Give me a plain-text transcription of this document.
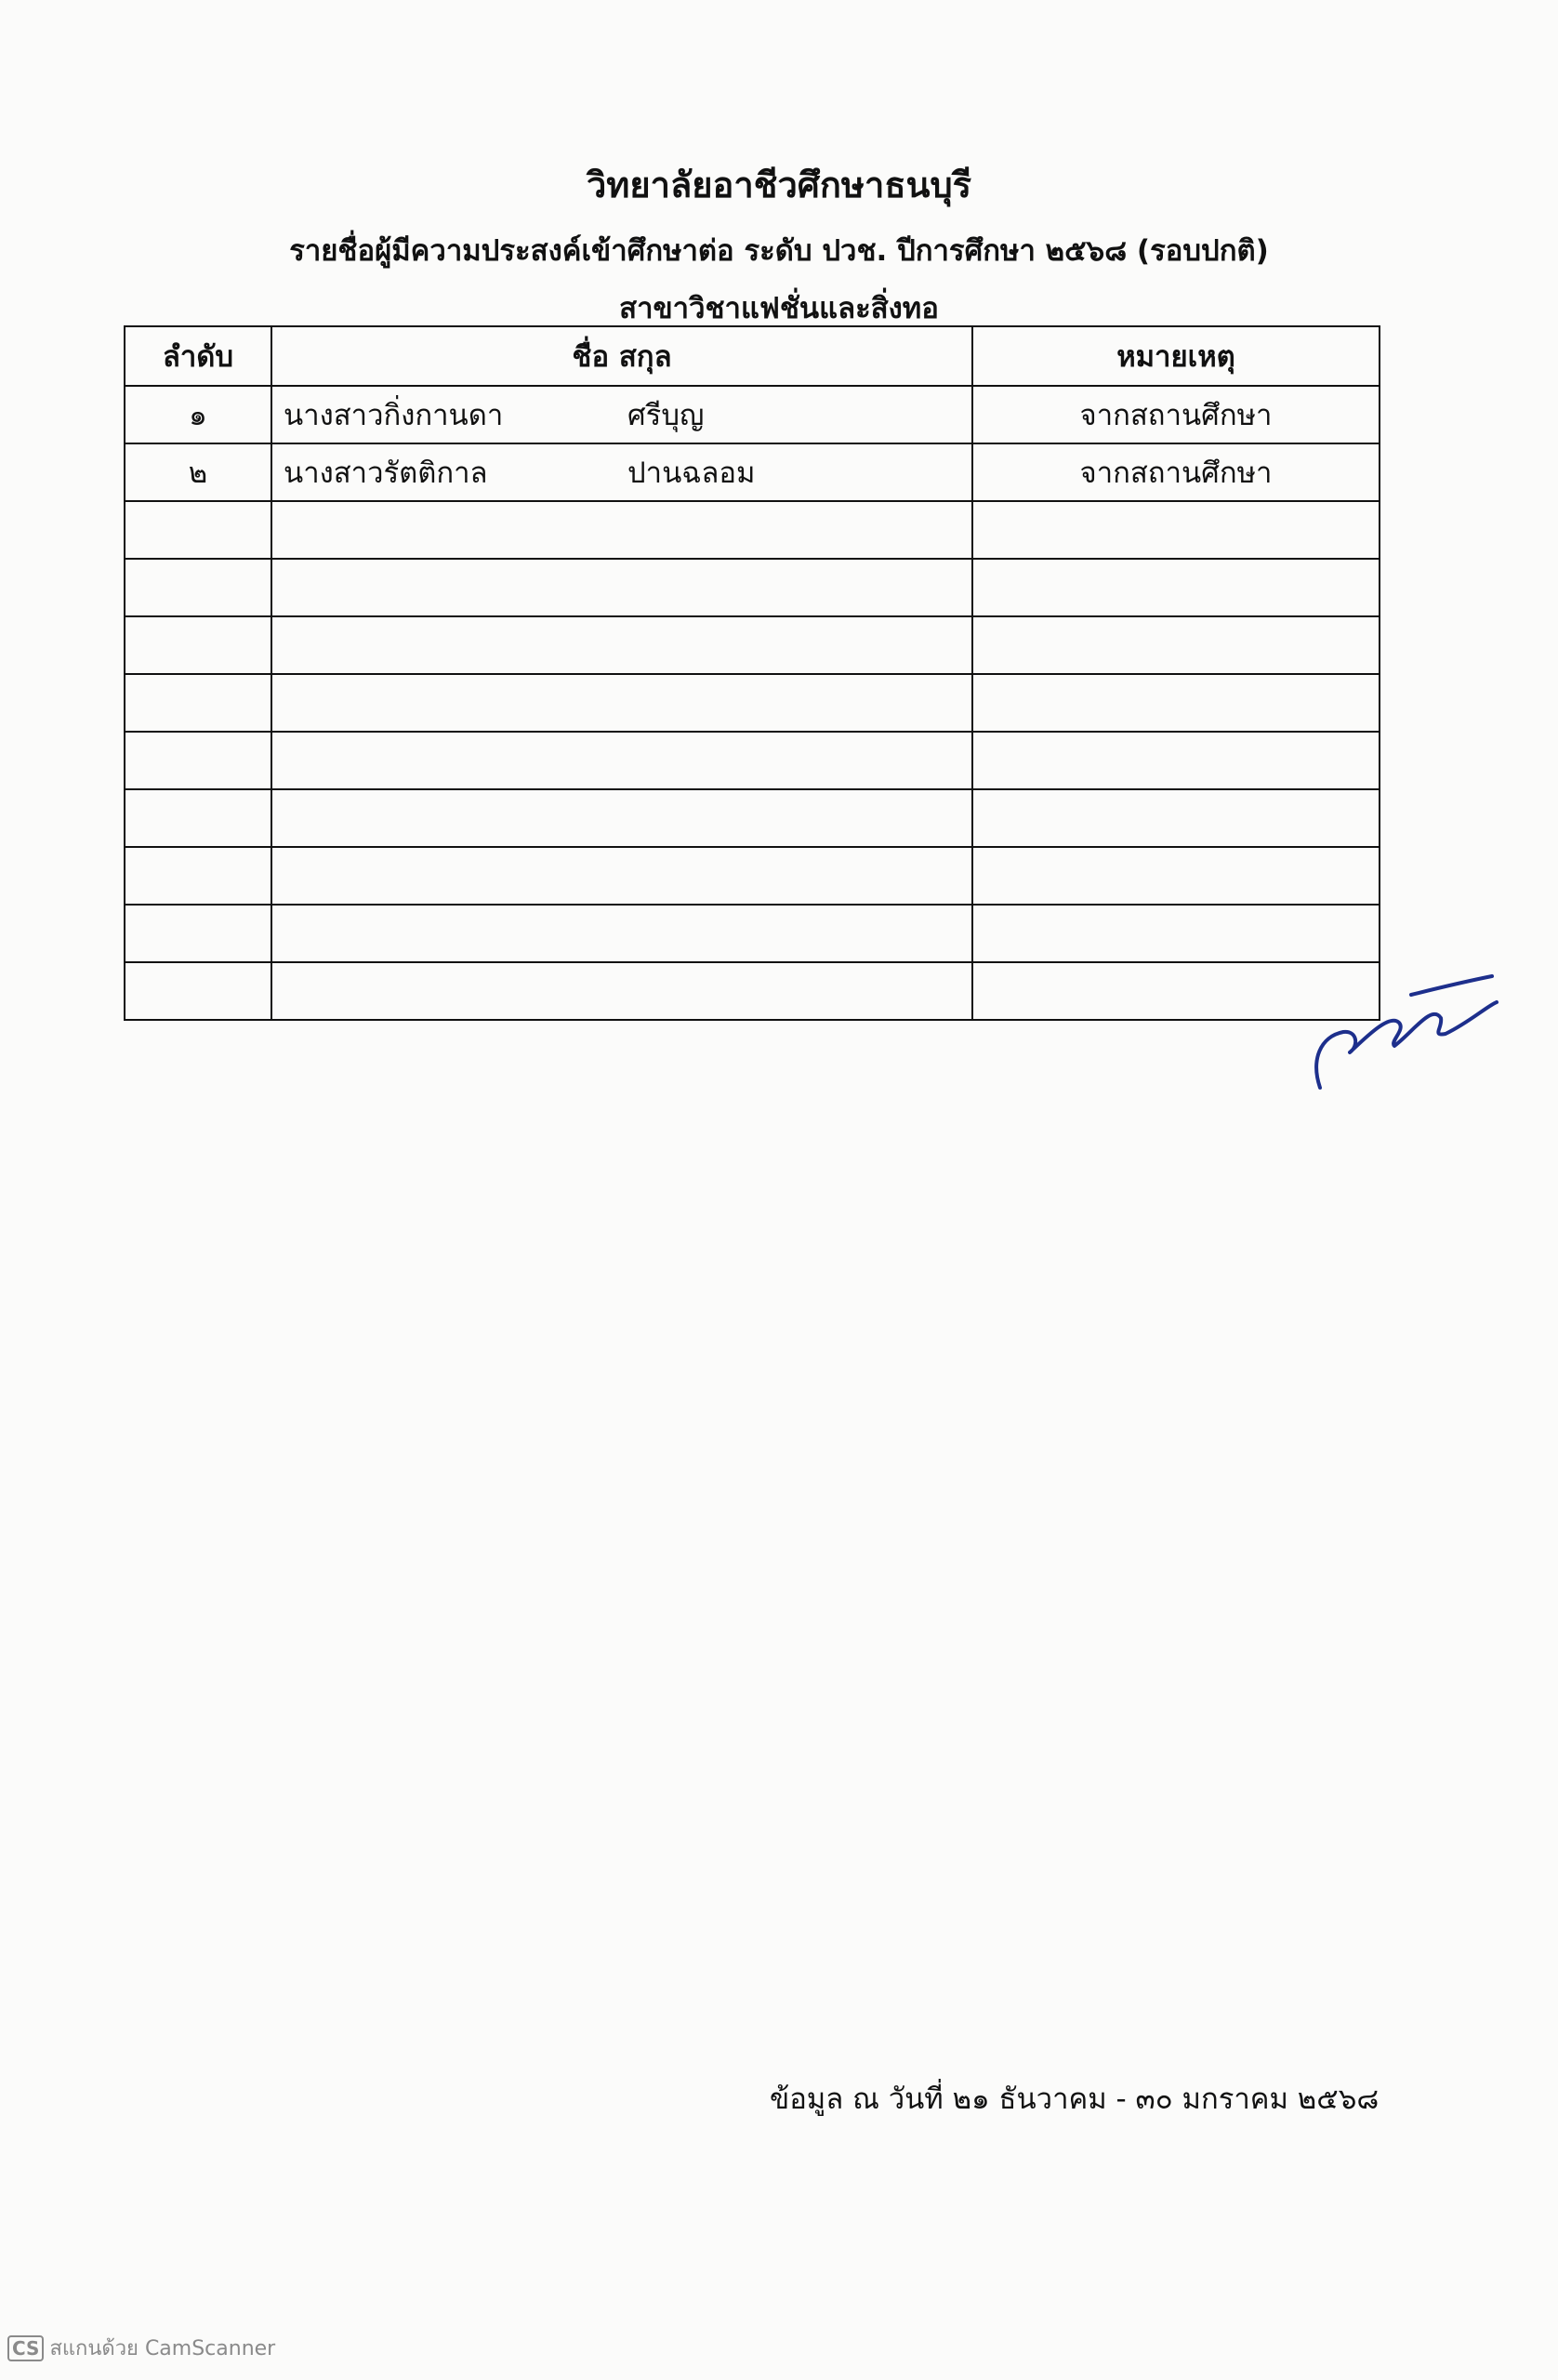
วิทยาลัยอาชีวศึกษาธนบุรี
รายชื่อผู้มีความประสงค์เข้าศึกษาต่อ ระดับ ปวช. ปีการศึกษา ๒๕๖๘ (รอบปกติ)
สาขาวิชาแฟชั่นและสิ่งทอ
ลำดับ	ชื่อ สกุล	หมายเหตุ
๑	นางสาวกิ่งกานดา ศรีบุญ	จากสถานศึกษา
๒	นางสาวรัตติกาล ปานฉลอม	จากสถานศึกษา

ข้อมูล ณ วันที่ ๒๑ ธันวาคม - ๓๐ มกราคม ๒๕๖๘
CS สแกนด้วย CamScanner
